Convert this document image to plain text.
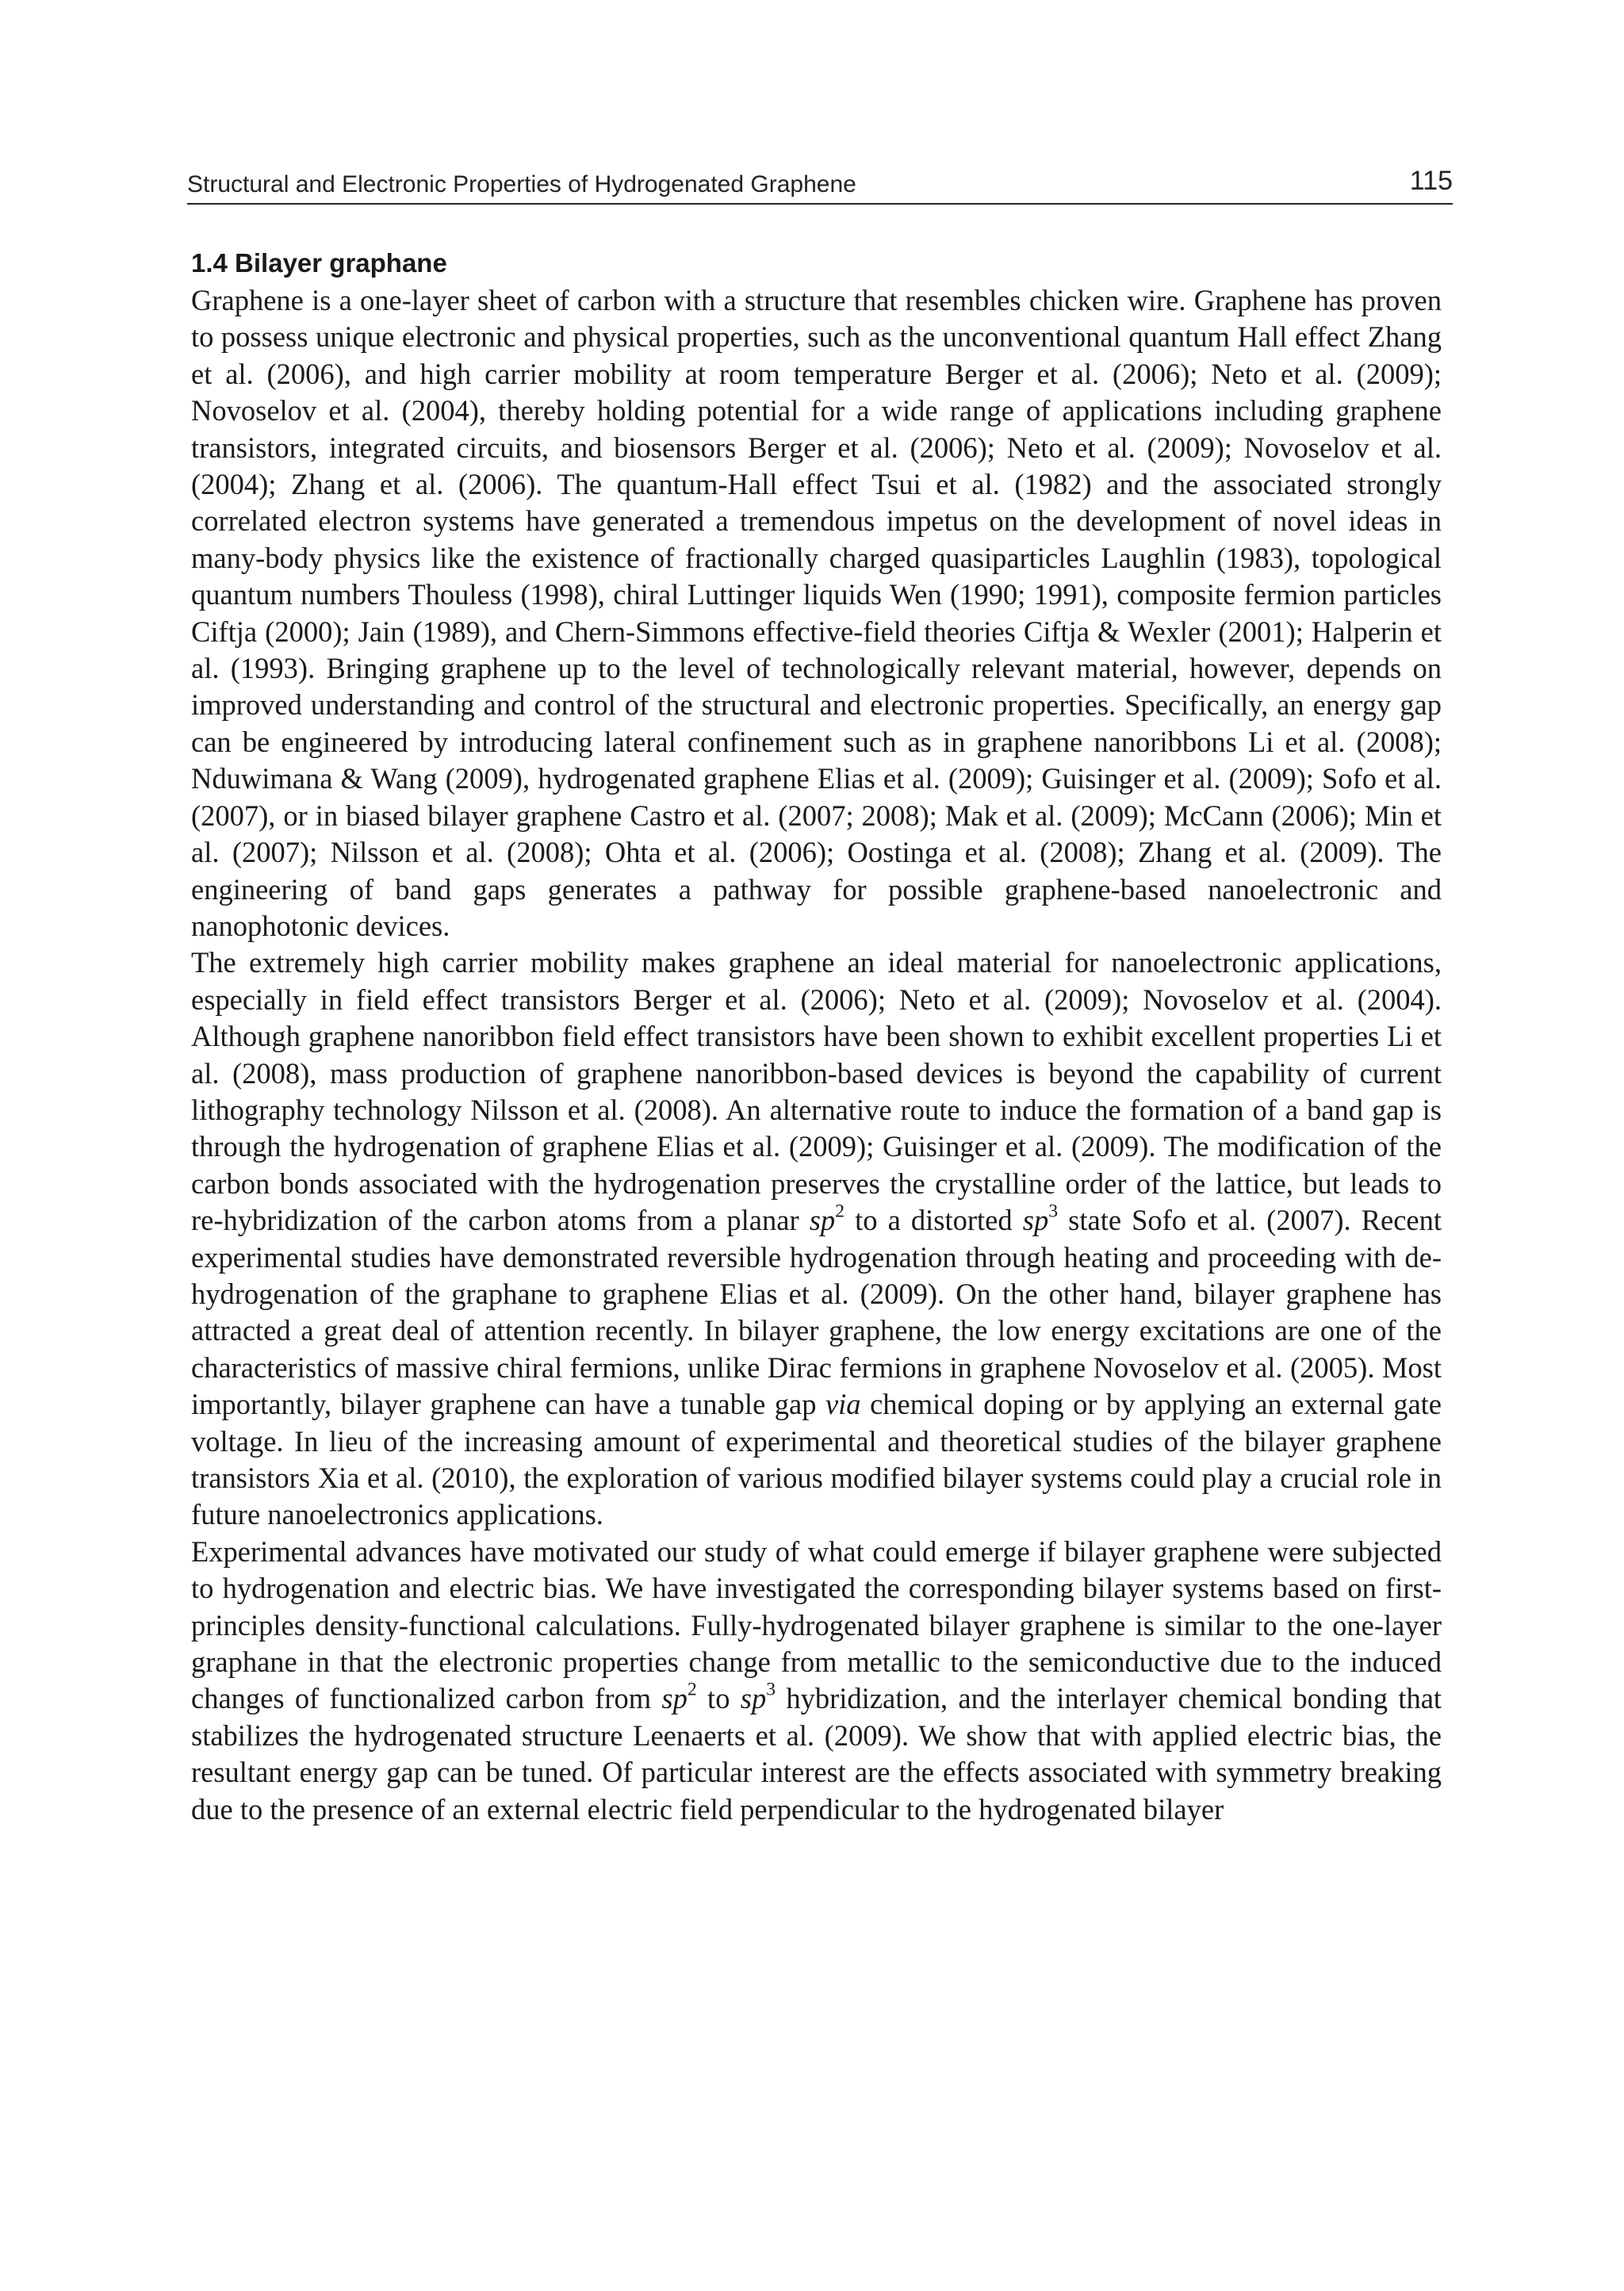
Structural and Electronic Properties of Hydrogenated Graphene	115
1.4 Bilayer graphane

Graphene is a one-layer sheet of carbon with a structure that resembles chicken wire. Graphene has proven to possess unique electronic and physical properties, such as the unconventional quantum Hall effect Zhang et al. (2006), and high carrier mobility at room temperature Berger et al. (2006); Neto et al. (2009); Novoselov et al. (2004), thereby holding potential for a wide range of applications including graphene transistors, integrated circuits, and biosensors Berger et al. (2006); Neto et al. (2009); Novoselov et al. (2004); Zhang et al. (2006). The quantum-Hall effect Tsui et al. (1982) and the associated strongly correlated electron systems have generated a tremendous impetus on the development of novel ideas in many-body physics like the existence of fractionally charged quasiparticles Laughlin (1983), topological quantum numbers Thouless (1998), chiral Luttinger liquids Wen (1990; 1991), composite fermion particles Ciftja (2000); Jain (1989), and Chern-Simmons effective-field theories Ciftja & Wexler (2001); Halperin et al. (1993). Bringing graphene up to the level of technologically relevant material, however, depends on improved understanding and control of the structural and electronic properties. Specifically, an energy gap can be engineered by introducing lateral confinement such as in graphene nanoribbons Li et al. (2008); Nduwimana & Wang (2009), hydrogenated graphene Elias et al. (2009); Guisinger et al. (2009); Sofo et al. (2007), or in biased bilayer graphene Castro et al. (2007; 2008); Mak et al. (2009); McCann (2006); Min et al. (2007); Nilsson et al. (2008); Ohta et al. (2006); Oostinga et al. (2008); Zhang et al. (2009). The engineering of band gaps generates a pathway for possible graphene-based nanoelectronic and nanophotonic devices.

The extremely high carrier mobility makes graphene an ideal material for nanoelectronic applications, especially in field effect transistors Berger et al. (2006); Neto et al. (2009); Novoselov et al. (2004). Although graphene nanoribbon field effect transistors have been shown to exhibit excellent properties Li et al. (2008), mass production of graphene nanoribbon-based devices is beyond the capability of current lithography technology Nilsson et al. (2008). An alternative route to induce the formation of a band gap is through the hydrogenation of graphene Elias et al. (2009); Guisinger et al. (2009). The modification of the carbon bonds associated with the hydrogenation preserves the crystalline order of the lattice, but leads to re-hybridization of the carbon atoms from a planar $sp^2$ to a distorted $sp^3$ state Sofo et al. (2007). Recent experimental studies have demonstrated reversible hydrogenation through heating and proceeding with de-hydrogenation of the graphane to graphene Elias et al. (2009). On the other hand, bilayer graphene has attracted a great deal of attention recently. In bilayer graphene, the low energy excitations are one of the characteristics of massive chiral fermions, unlike Dirac fermions in graphene Novoselov et al. (2005). Most importantly, bilayer graphene can have a tunable gap via chemical doping or by applying an external gate voltage. In lieu of the increasing amount of experimental and theoretical studies of the bilayer graphene transistors Xia et al. (2010), the exploration of various modified bilayer systems could play a crucial role in future nanoelectronics applications.

Experimental advances have motivated our study of what could emerge if bilayer graphene were subjected to hydrogenation and electric bias. We have investigated the corresponding bilayer systems based on first-principles density-functional calculations. Fully-hydrogenated bilayer graphene is similar to the one-layer graphane in that the electronic properties change from metallic to the semiconductive due to the induced changes of functionalized carbon from $sp^2$ to $sp^3$ hybridization, and the interlayer chemical bonding that stabilizes the hydrogenated structure Leenaerts et al. (2009). We show that with applied electric bias, the resultant energy gap can be tuned. Of particular interest are the effects associated with symmetry breaking due to the presence of an external electric field perpendicular to the hydrogenated bilayer
